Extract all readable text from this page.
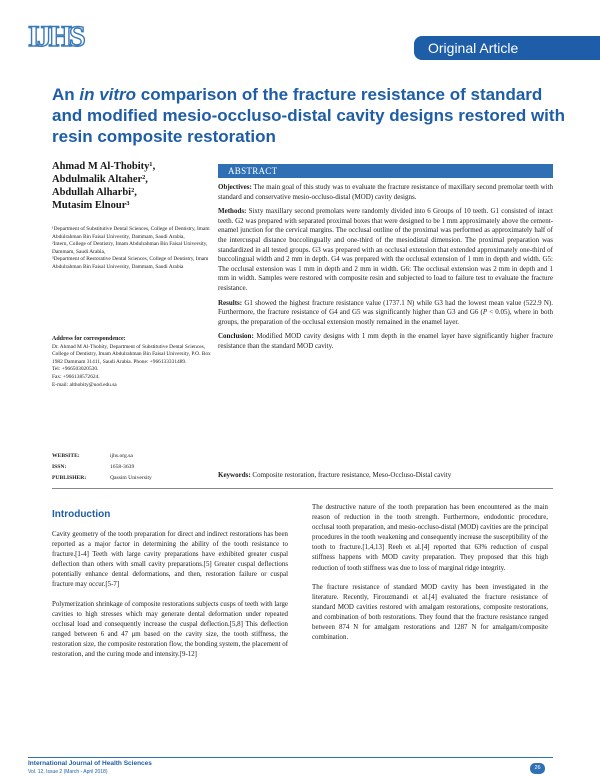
IJHS	Original Article
An in vitro comparison of the fracture resistance of standard and modified mesio-occluso-distal cavity designs restored with resin composite restoration
Ahmad M Al-Thobity¹,
Abdulmalik Altaher²,
Abdullah Alharbi²,
Mutasim Elnour³

¹Department of Substitutive Dental Sciences, College of Dentistry, Imam Abdulrahman Bin Faisal University, Dammam, Saudi Arabia,

²Intern, College of Dentistry, Imam Abdulrahman Bin Faisal University, Dammam, Saudi Arabia,

³Department of Restorative Dental Sciences, College of Dentistry, Imam Abdulrahman Bin Faisal University, Dammam, Saudi Arabia

Address for correspondence:
Dr. Ahmad M Al-Thobity, Department of Substitutive Dental Sciences, College of Dentistry, Imam Abdulrahman Bin Faisal University, P.O. Box 1982 Dammam 31411, Saudi Arabia. Phone: +966133331489.
Tel: +966503020530.
Fax: +966138572624.
E-mail: althobity@uod.edu.sa
WEBSITE:	ijhs.org.sa
ISSN:	1658-3639
PUBLISHER:	Qassim University
ABSTRACT

Objectives: The main goal of this study was to evaluate the fracture resistance of maxillary second premolar teeth with standard and conservative mesio-occluso-distal (MOD) cavity designs.

Methods: Sixty maxillary second premolars were randomly divided into 6 Groups of 10 teeth. G1 consisted of intact teeth. G2 was prepared with separated proximal boxes that were designed to be 1 mm approximately above the cement-enamel junction for the cervical margins. The occlusal outline of the proximal was performed as approximately half of the intercuspal distance buccolingually and one-third of the mesiodistal dimension. The proximal preparation was standardized in all tested groups. G3 was prepared with an occlusal extension that extended approximately one-third of buccolingual width and 2 mm in depth. G4 was prepared with the occlusal extension of 1 mm in depth and width. G5: The occlusal extension was 1 mm in depth and 2 mm in width. G6: The occlusal extension was 2 mm in depth and 1 mm in width. Samples were restored with composite resin and subjected to load to failure test to evaluate the fracture resistance.

Results: G1 showed the highest fracture resistance value (1737.1 N) while G3 had the lowest mean value (522.9 N). Furthermore, the fracture resistance of G4 and G5 was significantly higher than G3 and G6 (P < 0.05), where in both groups, the preparation of the occlusal extension mostly remained in the enamel layer.

Conclusion: Modified MOD cavity designs with 1 mm depth in the enamel layer have significantly higher fracture resistance than the standard MOD cavity.

Keywords: Composite restoration, fracture resistance, Meso-Occluso-Distal cavity
Introduction

Cavity geometry of the tooth preparation for direct and indirect restorations has been reported as a major factor in determining the ability of the tooth resistance to fracture.[1-4] Teeth with large cavity preparations have exhibited greater cuspal deflection than others with small cavity preparations.[5] Greater cuspal deflections potentially enhance dental deformations, and then, restoration failure or cuspal fracture may occur.[5-7]

Polymerization shrinkage of composite restorations subjects cusps of teeth with large cavities to high stresses which may generate dental deformation under repeated occlusal load and consequently increase the cuspal deflection.[5,8] This deflection ranged between 6 and 47 μm based on the cavity size, the tooth stiffness, the restoration size, the composite restoration flow, the bonding system, the placement of restoration, and the curing mode and intensity.[9-12]

The destructive nature of the tooth preparation has been encountered as the main reason of reduction in the tooth strength. Furthermore, endodontic procedure, occlusal tooth preparation, and mesio-occluso-distal (MOD) cavities are the principal procedures in the tooth weakening and consequently increase the susceptibility of the tooth to fracture.[1,4,13] Reeh et al.[4] reported that 63% reduction of cuspal stiffness happens with MOD cavity preparation. They proposed that this high reduction of tooth stiffness was due to loss of marginal ridge integrity.

The fracture resistance of standard MOD cavity has been investigated in the literature. Recently, Firouzmandi et al.[4] evaluated the fracture resistance of standard MOD cavities restored with amalgam restorations, composite restorations, and combination of both restorations. They found that the fracture resistance ranged between 874 N for amalgam restorations and 1287 N for amalgam/composite combination.

International Journal of Health Sciences
Vol. 12, Issue 2 (March - April 2018)
26
